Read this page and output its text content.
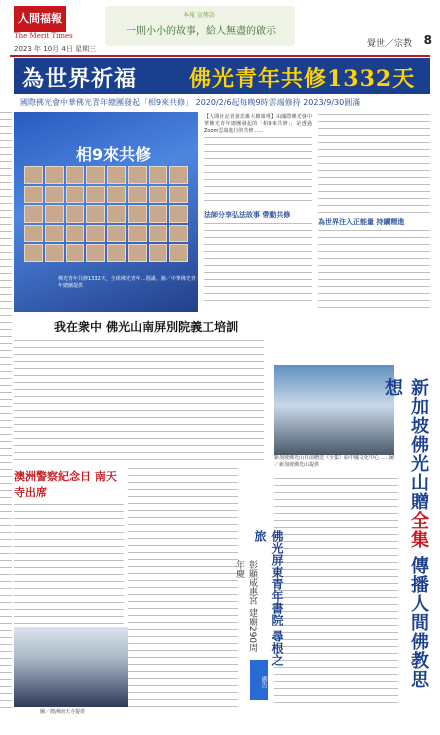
人間福報
The Merit Times
2023 年 10月 4日 星期三
本報 宣傳語
一則小小的故事，給人無盡的啟示
覺世／宗教 8
為世界祈福 佛光青年共修1332天
國際佛光會中華佛光青年總團發起「相9來共修」 2020/2/6起每晚9時雲端修持 2023/9/30圓滿
相9來共修
佛光青年共修1332天，全球佛光青年…圓滿。圖／中華佛光青年總團提供
【人間社記者黃思維大樹報導】由國際佛光會中華佛光青年總團發起的「相9來共修」，是透過Zoom雲端進行的共修……
法師分享弘法故事 帶動共修
為世界注入正能量 持續精進
我在衆中 佛光山南屏別院義工培訓
新加坡佛光山日前贈送《全集》給中國文化中心……圖／新加坡佛光山提供	新加坡佛光山贈全集 傳播人間佛教思想
澳洲警察紀念日 南天寺出席
圖／澳洲南天寺提供
佛光屏東青年書院 尋根之旅
彰顯威惠宮 建廟290周年慶
廣告
